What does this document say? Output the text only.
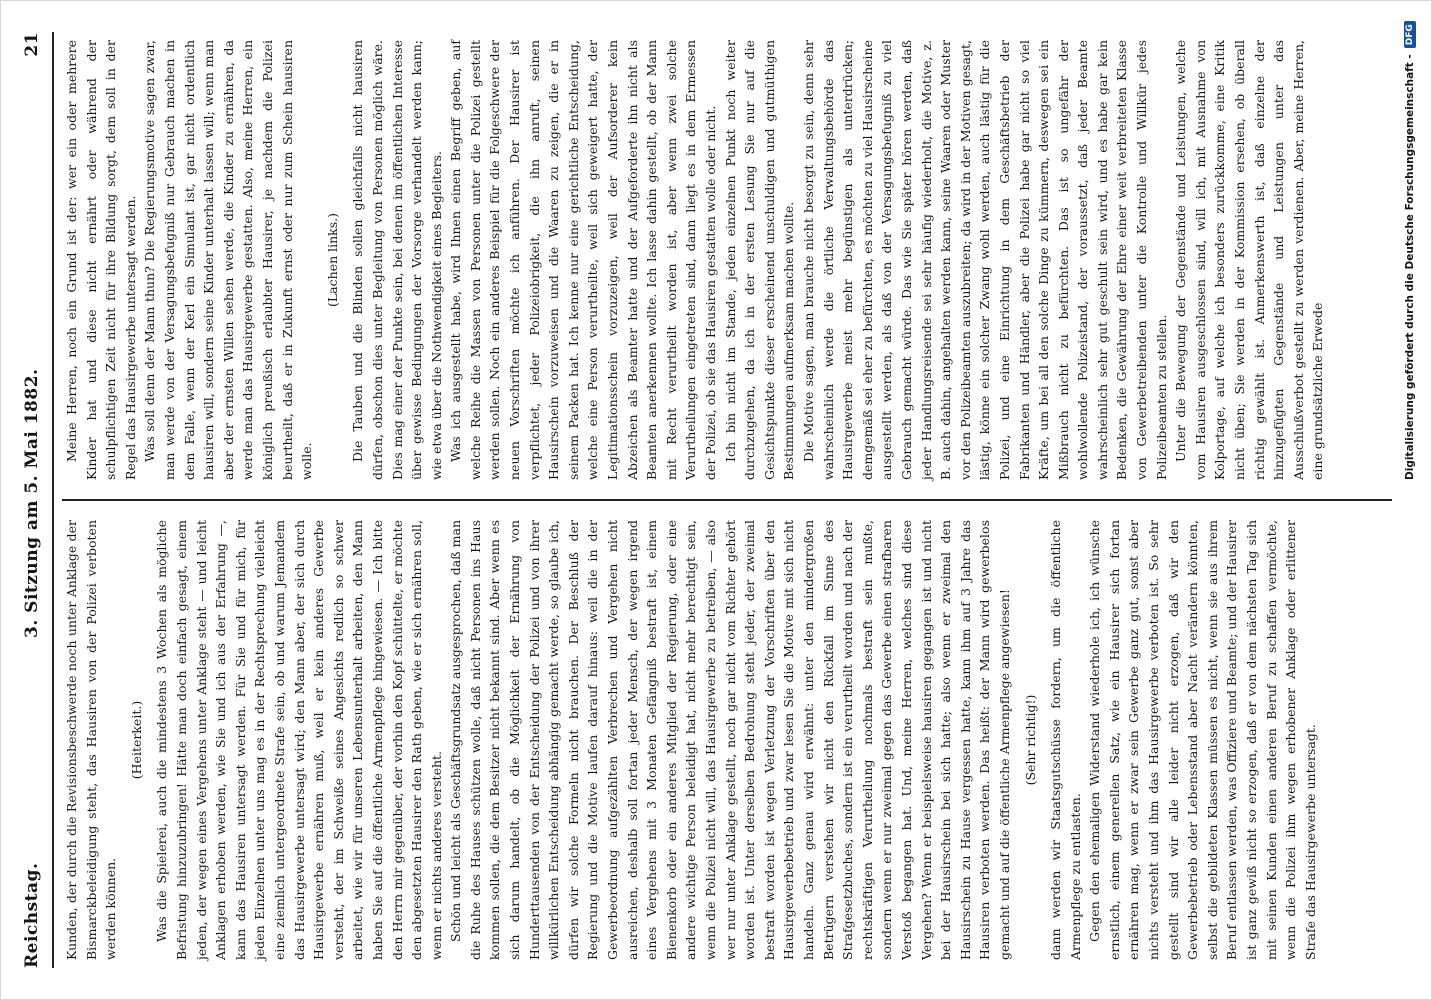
Reichstag.
3. Sitzung am 5. Mai 1882.
21

Kunden, der durch die Revisionsbeschwerde noch unter Anklage der Bismarckbeleidigung steht, das Hausiren von der Polizei verboten werden können.

(Heiterkeit.) Was die Spielerei, auch die mindestens 3 Wochen als mögliche Befristung hinzuzubringen! Hätte man doch einfach gesagt, einem jeden, der wegen eines Vergehens unter Anklage steht — und leicht Anklagen erhoben werden, wie Sie und ich aus der Erfahrung —, kann das Hausiren untersagt werden. Für Sie und für mich, für jeden Einzelnen unter uns mag es in der Rechtsprechung vielleicht eine ziemlich untergeordnete Strafe sein, ob und warum Jemandem das Hausirgewerbe untersagt wird; den Mann aber, der sich durch Hausirgewerbe ernähren muß, weil er kein anderes Gewerbe versteht, der im Schweiße seines Angesichts redlich so schwer arbeitet, wie wir für unseren Lebensunterhalt arbeiten, den Mann haben Sie auf die öffentliche Armenpflege hingewiesen. — Ich bitte den Herrn mir gegenüber, der vorhin den Kopf schüttelte, er möchte den abgesetzten Hausirer den Rath geben, wie er sich ernähren soll, wenn er nichts anderes versteht. Schön und leicht als Geschäftsgrundsatz ausgesprochen, daß man die Ruhe des Hauses schützen wolle, daß nicht Personen ins Haus kommen sollen, die dem Besitzer nicht bekannt sind. Aber wenn es sich darum handelt, ob die Möglichkeit der Ernährung von Hunderttausenden von der Entscheidung der Polizei und von ihrer willkürlichen Entscheidung abhängig gemacht werde, so glaube ich, dürfen wir solche Formeln nicht brauchen. Der Beschluß der Regierung und die Motive laufen darauf hinaus: weil die in der Gewerbeordnung aufgezählten Verbrechen und Vergehen nicht ausreichen, deshalb soll fortan jeder Mensch, der wegen irgend eines Vergehens mit 3 Monaten Gefängniß bestraft ist, einem Bienenkorb oder ein anderes Mitglied der Regierung, oder eine andere wichtige Person beleidigt hat, nicht mehr berechtigt sein, wenn die Polizei nicht will, das Hausirgewerbe zu betreiben, — also wer nur unter Anklage gestellt, noch gar nicht vom Richter gehört worden ist. Unter derselben Bedrohung steht jeder, der zweimal bestraft worden ist wegen Verletzung der Vorschriften über den Hausirgewerbebetrieb und zwar lesen Sie die Motive mit sich nicht handeln. Ganz genau wird erwähnt: unter den mindergroßen Betrügern verstehen wir nicht den Rückfall im Sinne des Strafgesetzbuches, sondern ist ein verurtheilt worden und nach der rechtskräftigen Verurtheilung nochmals bestraft sein mußte, sondern wenn er nur zweimal gegen das Gewerbe einen strafbaren Verstoß begangen hat. Und, meine Herren, welches sind diese Vergehen? Wenn er beispielsweise hausiren gegangen ist und nicht bei der Hausirschein bei sich hatte; also wenn er zweimal den Hausirschein zu Hause vergessen hatte, kann ihm auf 3 Jahre das Hausiren verboten werden. Das heißt: der Mann wird gewerbelos gemacht und auf die öffentliche Armenpflege angewiesen! (Sehr richtig!) dann werden wir Staatsgutschüsse fordern, um die öffentliche Armenpflege zu entlasten. Gegen den ehemaligen Widerstand wiederhole ich, ich wünsche ernstlich, einem generellen Satz, wie ein Hausirer sich fortan ernähren mag, wenn er zwar sein Gewerbe ganz gut, sonst aber nichts versteht und ihm das Hausirgewerbe verboten ist. So sehr gestellt sind wir alle leider nicht erzogen, daß wir den Gewerbebetrieb oder Lebensstand aber Nacht verändern könnten, selbst die gebildeten Klassen müssen es nicht, wenn sie aus ihrem Beruf entlassen werden, was Offiziere und Beamte; und der Hausirer ist ganz gewiß nicht so erzogen, daß er von dem nächsten Tag sich mit seinen Kunden einen anderen Beruf zu schaffen vermöchte, wenn die Polizei ihm wegen erhobener Anklage oder erlittener Strafe das Hausirgewerbe untersagt.

Meine Herren, noch ein Grund ist der: wer ein oder mehrere Kinder hat und diese nicht ernährt oder während der schulpflichtigen Zeit nicht für ihre Bildung sorgt, dem soll in der Regel das Hausirgewerbe untersagt werden. Was soll denn der Mann thun? Die Regierungsmotive sagen zwar, man werde von der Versagungsbefugniß nur Gebrauch machen in dem Falle, wenn der Kerl ein Simulant ist, gar nicht ordentlich hausiren will, sondern seine Kinder unterhalt lassen will; wenn man aber der ernsten Willen sehen werde, die Kinder zu ernähren, da werde man das Hausirgewerbe gestatten. Also, meine Herren, ein königlich preußisch erlaubter Hausirer, je nachdem die Polizei beurtheilt, daß er in Zukunft ernst oder nur zum Schein hausiren wolle.

(Lachen links.) Die Tauben und die Blinden sollen gleichfalls nicht hausiren dürfen, obschon dies unter Begleitung von Personen möglich wäre. Dies mag einer der Punkte sein, bei denen im öffentlichen Interesse über gewisse Bedingungen der Vorsorge verhandelt werden kann; wie etwa über die Nothwendigkeit eines Begleiters. Was ich ausgestellt habe, wird Ihnen einen Begriff geben, auf welche Reihe die Massen von Personen unter die Polizei gestellt werden sollen. Noch ein anderes Beispiel für die Folgeschwere der neuen Vorschriften möchte ich anführen. Der Hausirer ist verpflichtet, jeder Polizeiobrigkeit, die ihn anruft, seinen Hausirschein vorzuweisen und die Waaren zu zeigen, die er in seinem Packen hat. Ich kenne nur eine gerichtliche Entscheidung, welche eine Person verurtheilte, weil sich geweigert hatte, der Legitimationsschein vorzuzeigen, weil der Aufsorderer kein Abzeichen als Beamter hatte und der Aufgeforderte ihn nicht als Beamten anerkennen wollte. Ich lasse dahin gestellt, ob der Mann mit Recht verurtheilt worden ist, aber wenn zwei solche Verurtheilungen eingetreten sind, dann liegt es in dem Ermessen der Polizei, ob sie das Hausiren gestatten wolle oder nicht. Ich bin nicht im Stande, jeden einzelnen Punkt noch weiter durchzugehen, da ich in der ersten Lesung Sie nur auf die Gesichtspunkte dieser erscheinend unschuldigen und gutmüthigen Bestimmungen aufmerksam machen wollte. Die Motive sagen, man brauche nicht besorgt zu sein, denn sehr wahrscheinlich werde die örtliche Verwaltungsbehörde das Hausirgewerbe meist mehr begünstigen als unterdrücken; demgemäß sei eher zu befürchten, es möchten zu viel Hausirscheine ausgestellt werden, als daß von der Versagungsbefugniß zu viel Gebrauch gemacht würde. Das wie Sie später hören werden, daß jeder Handlungsreisende sei sehr häufig wiederholt, die Motive, z. B. auch dahin, angehalten werden kann, seine Waaren oder Muster vor den Polizeibeamten auszubreiten; da wird in der Motiven gesagt, lästig, könne ein solcher Zwang wohl werden, auch lästig für die Polizei, und eine Einrichtung in dem Geschäftsbetrieb der Fabrikanten und Händler, aber die Polizei habe gar nicht so viel Kräfte, um bei all den solche Dinge zu kümmern, deswegen sei ein Mißbrauch nicht zu befürchten. Das ist so ungefähr der wohlwollende Polizeistand, der voraussetzt, daß jeder Beamte wahrscheinlich sehr gut geschult sein wird, und es habe gar kein Bedenken, die Gewährung der Ehre einer weit verbreiteten Klasse von Gewerbetreibenden unter die Kontrolle und Willkür jedes Polizeibeamten zu stellen. Unter die Bewegung der Gegenstände und Leistungen, welche vom Hausiren ausgeschlossen sind, will ich, mit Ausnahme von Kolportage, auf welche ich besonders zurückkomme, eine Kritik nicht üben; Sie werden in der Kommission ersehen, ob überall richtig gewählt ist. Anmerkenswerth ist, daß einzelne der hinzugefügten Gegenstände und Leistungen unter das Ausschlußverbot gestellt zu werden verdienen. Aber, meine Herren, eine grundsätzliche Erwede	Digitalisierung gefördert durch die Deutsche Forschungsgemeinschaft -
DFG
